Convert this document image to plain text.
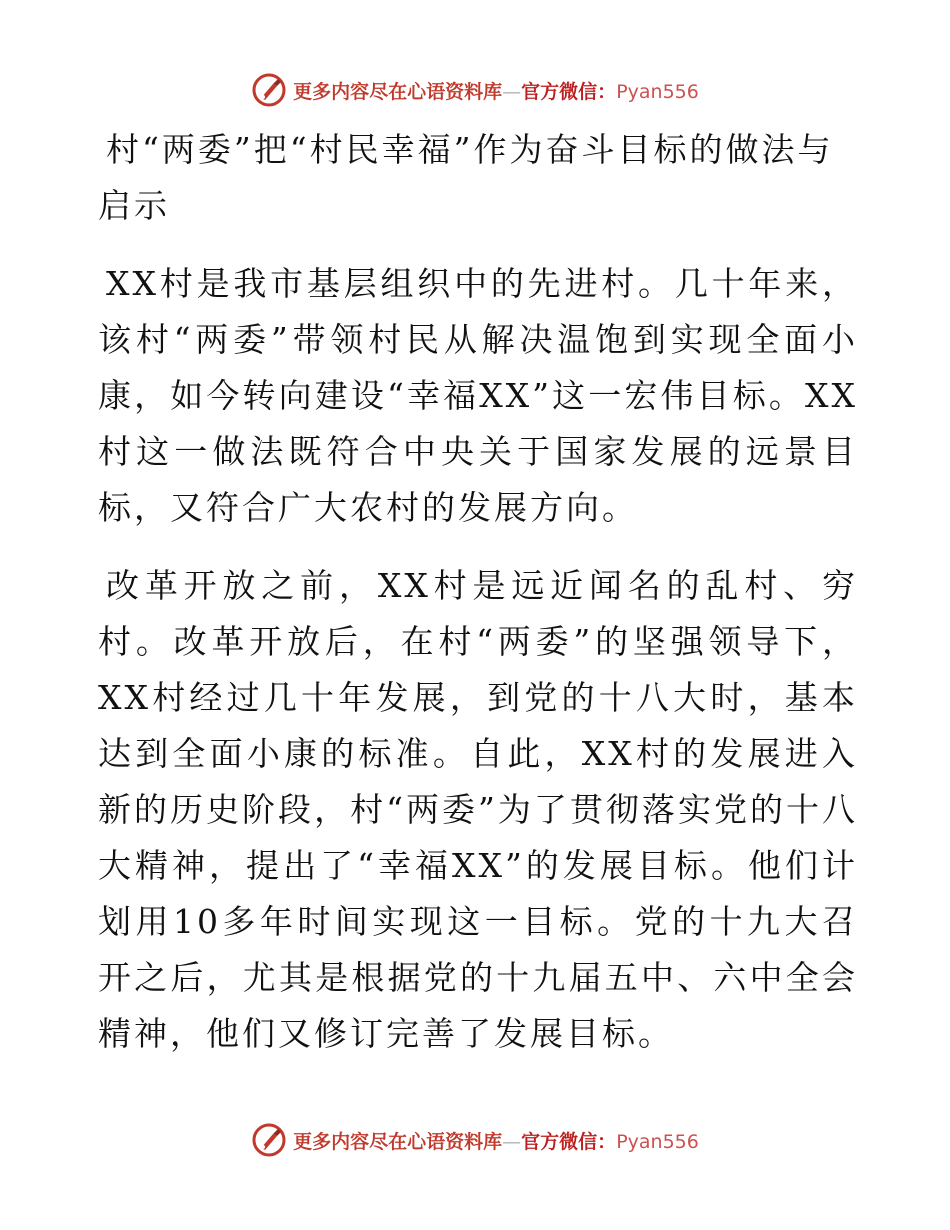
更多内容尽在心语资料库—官方微信：Pyan556
村“两委”把“村民幸福”作为奋斗目标的做法与启示

XX村是我市基层组织中的先进村。几十年来，该村“两委”带领村民从解决温饱到实现全面小康，如今转向建设“幸福XX”这一宏伟目标。XX村这一做法既符合中央关于国家发展的远景目标，又符合广大农村的发展方向。

改革开放之前，XX村是远近闻名的乱村、穷村。改革开放后，在村“两委”的坚强领导下，XX村经过几十年发展，到党的十八大时，基本达到全面小康的标准。自此，XX村的发展进入新的历史阶段，村“两委”为了贯彻落实党的十八大精神，提出了“幸福XX”的发展目标。他们计划用10多年时间实现这一目标。党的十九大召开之后，尤其是根据党的十九届五中、六中全会精神，他们又修订完善了发展目标。

更多内容尽在心语资料库—官方微信：Pyan556
